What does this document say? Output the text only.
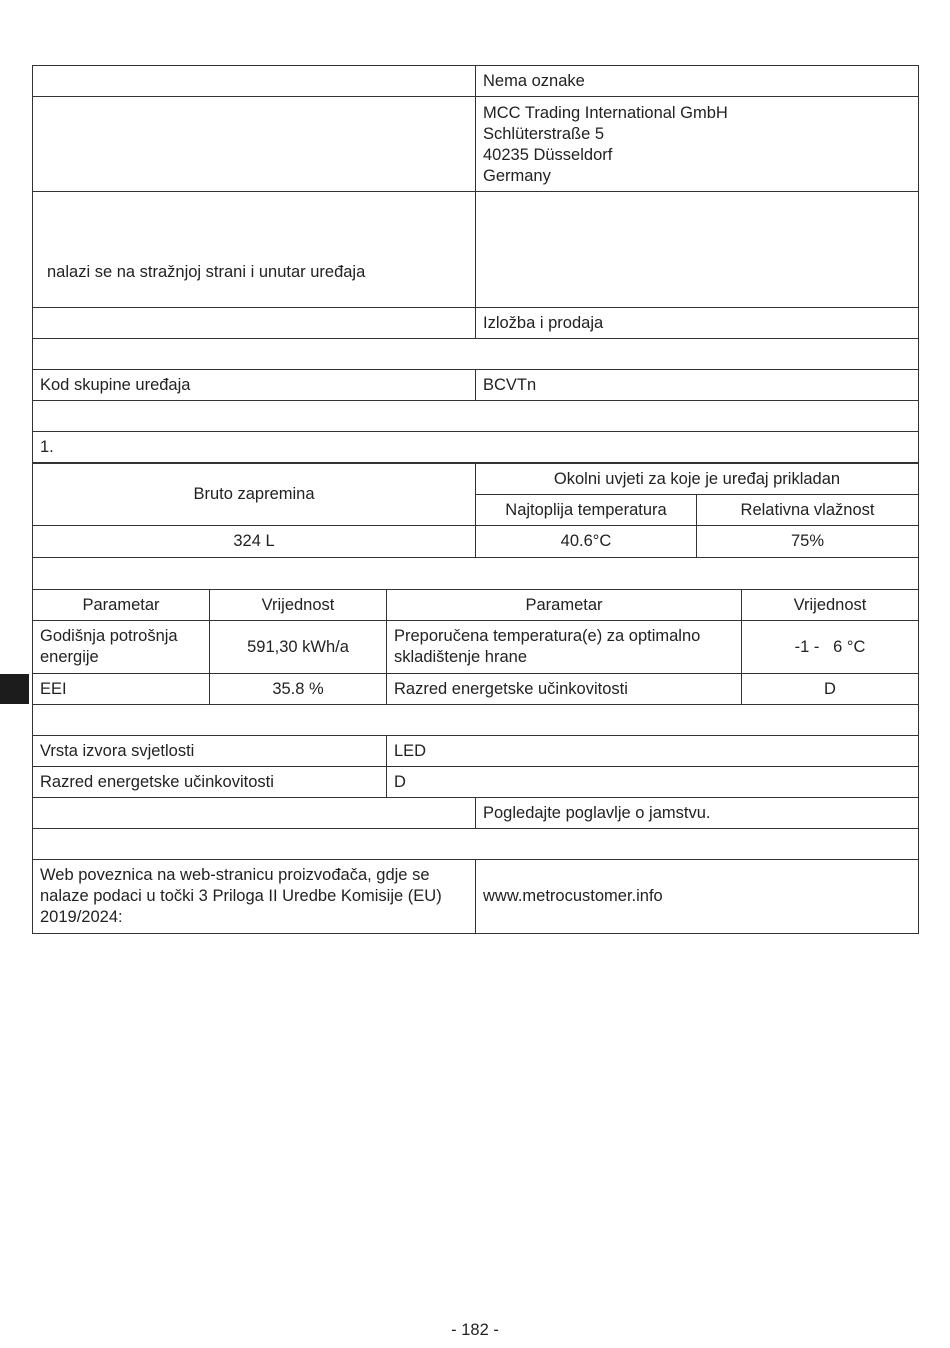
	Nema oznake

	MCC Trading International GmbH
Schlüterstraße 5
40235 Düsseldorf
Germany

nalazi se na stražnjoj strani i unutar uređaja	
	Izložba i prodaja

Kod skupine uređaja	BCVTn

1.	
Bruto zapremina	Okolni uvjeti za koje je uređaj prikladan	
	Najtoplija temperatura	Relativna vlažnost
324 L	40.6°C	75%

Parametar	Vrijednost	Parametar	Vrijednost
Godišnja potrošnja energije	591,30 kWh/a	Preporučena temperatura(e) za optimalno skladištenje hrane	-1 -   6 °C
EEI	35.8 %	Razred energetske učinkovitosti	D

Vrsta izvora svjetlosti	LED	
Razred energetske učinkovitosti	D	
		Pogledajte poglavlje o jamstvu.

Web poveznica na web-stranicu proizvođača, gdje se nalaze podaci u točki 3 Priloga II Uredbe Komisije (EU) 2019/2024:		www.metrocustomer.info
- 182 -
